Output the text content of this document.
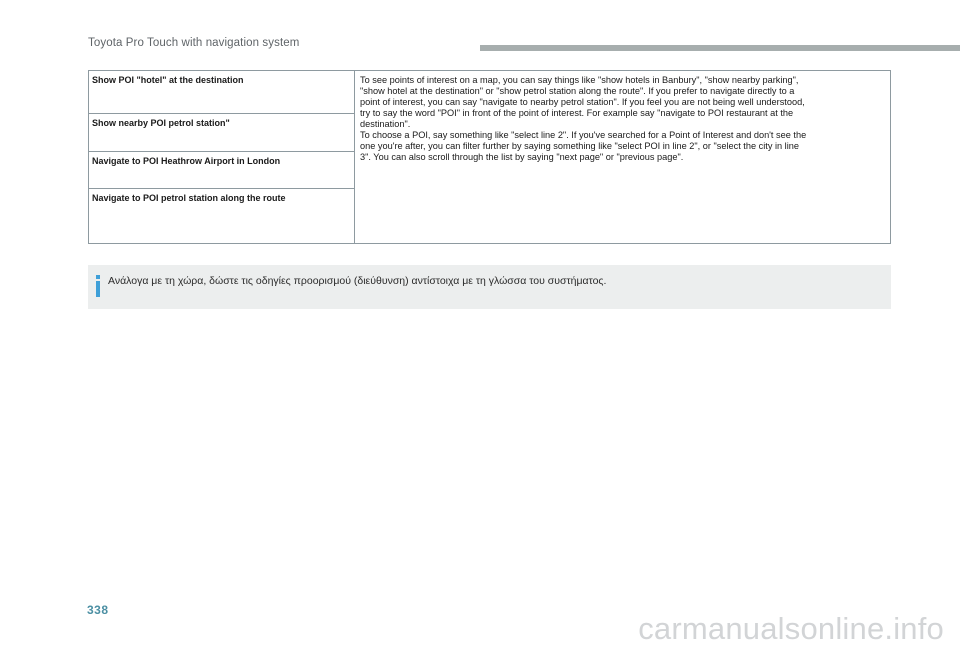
Toyota Pro Touch with navigation system
Show POI "hotel" at the destination
Show nearby POI petrol station"
Navigate to POI Heathrow Airport in London
Navigate to POI petrol station along the route
To see points of interest on a map, you can say things like "show hotels in Banbury", "show nearby parking",
"show hotel at the destination" or "show petrol station along the route". If you prefer to navigate directly to a
point of interest, you can say "navigate to nearby petrol station". If you feel you are not being well understood,
try to say the word "POI" in front of the point of interest. For example say "navigate to POI restaurant at the
destination".
To choose a POI, say something like "select line 2". If you've searched for a Point of Interest and don't see the
one you're after, you can filter further by saying something like "select POI in line 2", or "select the city in line
3". You can also scroll through the list by saying "next page" or "previous page".
Ανάλογα με τη χώρα, δώστε τις οδηγίες προορισμού (διεύθυνση) αντίστοιχα με τη γλώσσα του συστήματος.
338
carmanualsonline.info
